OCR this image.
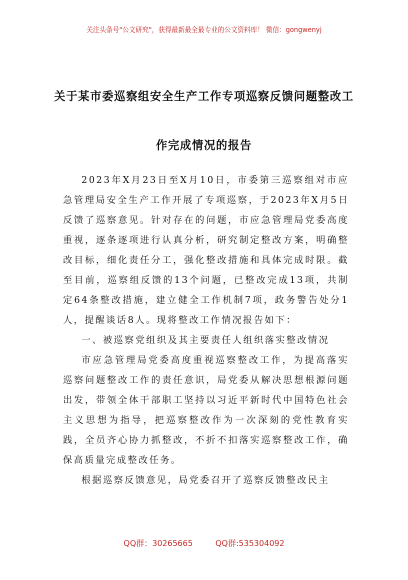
关注头条号"公文研究"，获得最新最全最专业的公文资料库！ 微信：gongwenyj
关于某市委巡察组安全生产工作专项巡察反馈问题整改工
作完成情况的报告

2023年X月23日至X月10日，市委第三巡察组对市应急管理局安全生产工作开展了专项巡察，于2023年X月5日反馈了巡察意见。针对存在的问题，市应急管理局党委高度重视，逐条逐项进行认真分析，研究制定整改方案，明确整改目标，细化责任分工，强化整改措施和具体完成时限。截至目前，巡察组反馈的13个问题，已整改完成13项，共制定64条整改措施，建立健全工作机制7项，政务警告处分1人，提醒谈话8人。现将整改工作情况报告如下：

一、被巡察党组织及其主要责任人组织落实整改情况

市应急管理局党委高度重视巡察整改工作，为提高落实巡察问题整改工作的责任意识，局党委从解决思想根源问题出发，带领全体干部职工坚持以习近平新时代中国特色社会主义思想为指导，把巡察整改作为一次深刻的党性教育实践，全员齐心协力抓整改，不折不扣落实巡察整改工作，确保高质量完成整改任务。

根据巡察反馈意见，局党委召开了巡察反馈整改民主

QQ群：30265665	QQ群:535304092
